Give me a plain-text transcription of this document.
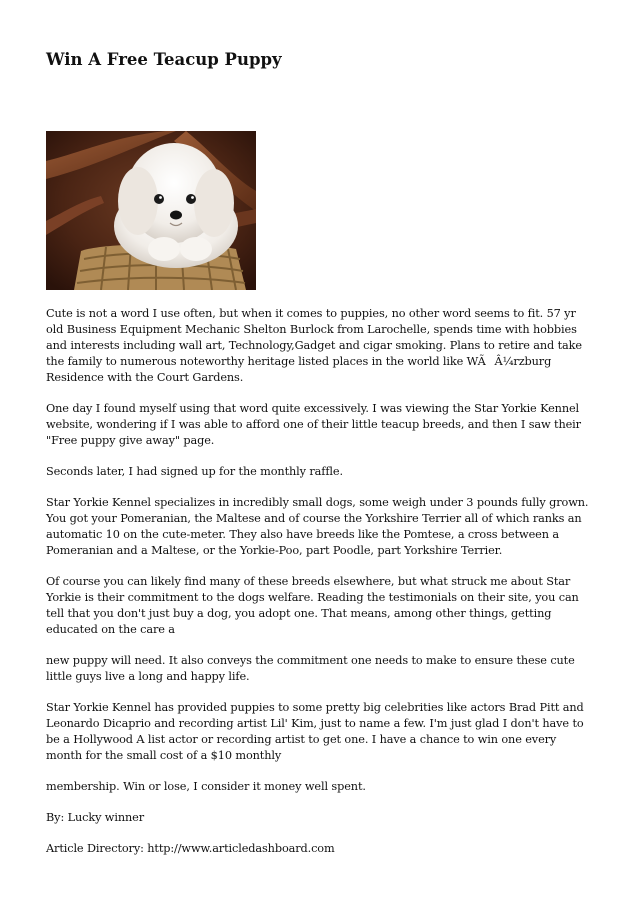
Win A Free Teacup Puppy

Cute is not a word I use often, but when it comes to puppies, no other word seems to fit. 57 yr old Business Equipment Mechanic Shelton Burlock from Larochelle, spends time with hobbies and interests including wall art, Technology,Gadget and cigar smoking. Plans to retire and take the family to numerous noteworthy heritage listed places in the world like WÃÂ¼rzburg Residence with the Court Gardens.

One day I found myself using that word quite excessively. I was viewing the Star Yorkie Kennel website, wondering if I was able to afford one of their little teacup breeds, and then I saw their "Free puppy give away" page.

Seconds later, I had signed up for the monthly raffle.

Star Yorkie Kennel specializes in incredibly small dogs, some weigh under 3 pounds fully grown. You got your Pomeranian, the Maltese and of course the Yorkshire Terrier all of which ranks an automatic 10 on the cute-meter. They also have breeds like the Pomtese, a cross between a Pomeranian and a Maltese, or the Yorkie-Poo, part Poodle, part Yorkshire Terrier.

Of course you can likely find many of these breeds elsewhere, but what struck me about Star Yorkie is their commitment to the dogs welfare. Reading the testimonials on their site, you can tell that you don't just buy a dog, you adopt one. That means, among other things, getting educated on the care a

new puppy will need. It also conveys the commitment one needs to make to ensure these cute little guys live a long and happy life.

Star Yorkie Kennel has provided puppies to some pretty big celebrities like actors Brad Pitt and Leonardo Dicaprio and recording artist Lil' Kim, just to name a few. I'm just glad I don't have to be a Hollywood A list actor or recording artist to get one. I have a chance to win one every month for the small cost of a $10 monthly

membership. Win or lose, I consider it money well spent.

By: Lucky winner

Article Directory: http://www.articledashboard.com
